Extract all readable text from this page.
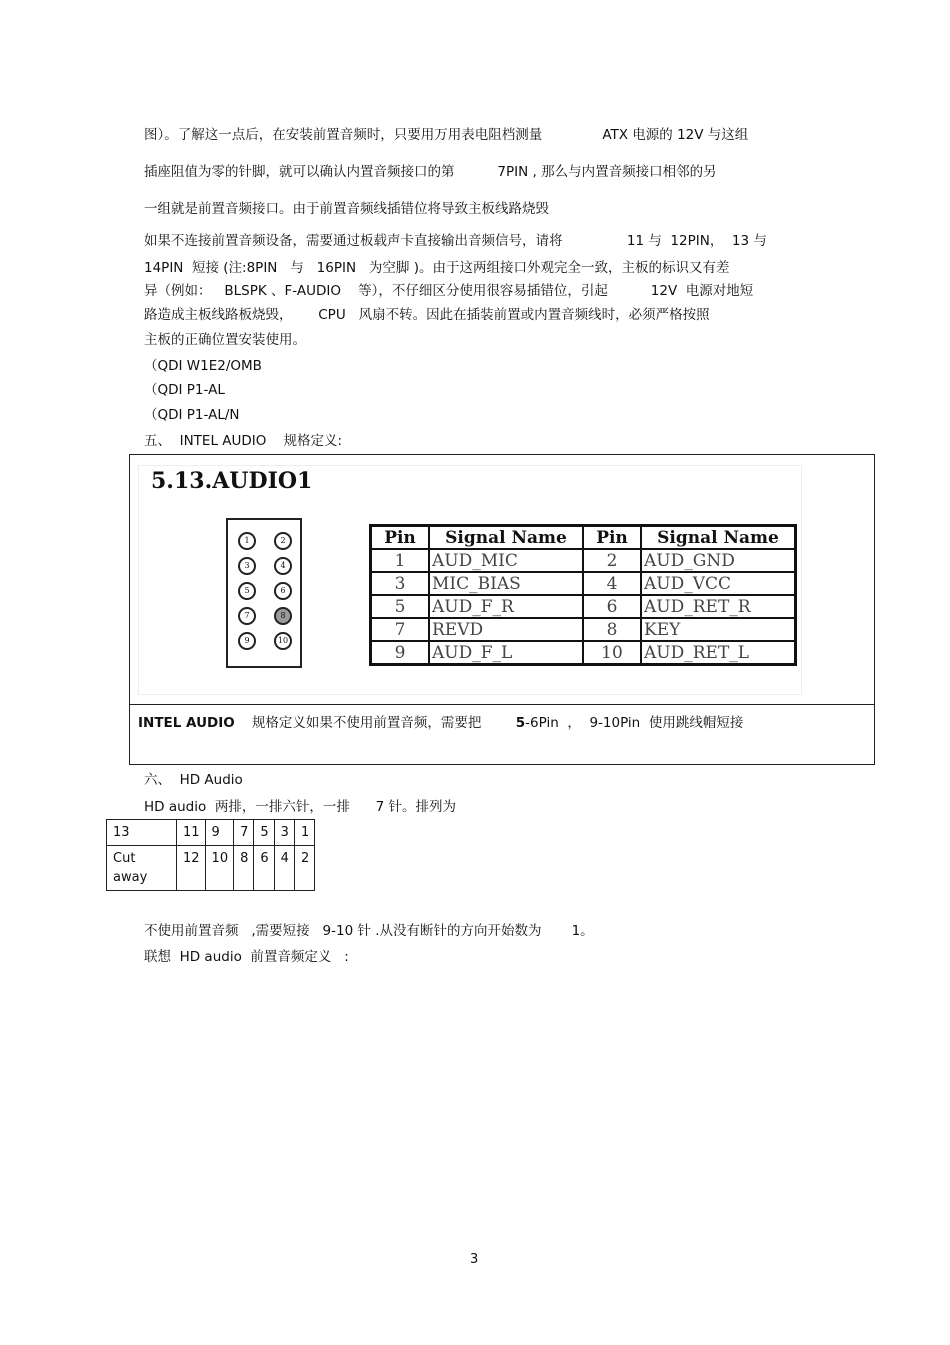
图）。了解这一点后，在安装前置音频时，只要用万用表电阻档测量              ATX 电源的 12V 与这组
插座阻值为零的针脚，就可以确认内置音频接口的第          7PIN , 那么与内置音频接口相邻的另
一组就是前置音频接口。由于前置音频线插错位将导致主板线路烧毁
如果不连接前置音频设备，需要通过板载声卡直接输出音频信号，请将               11 与  12PIN，  13 与
14PIN  短接 (注:8PIN   与   16PIN   为空脚 )。由于这两组接口外观完全一致，主板的标识又有差
异（例如：   BLSPK 、F-AUDIO    等），不仔细区分使用很容易插错位，引起          12V  电源对地短
路造成主板线路板烧毁，      CPU   风扇不转。因此在插装前置或内置音频线时，必须严格按照
主板的正确位置安装使用。
（QDI W1E2/OMB
（QDI P1-AL
（QDI P1-AL/N
五、  INTEL AUDIO    规格定义:
5.13.AUDIO1
1	2
3	4
5	6
7	8
9	10
Pin	Signal Name	Pin	Signal Name
1	AUD_MIC	2	AUD_GND
3	MIC_BIAS	4	AUD_VCC
5	AUD_F_R	6	AUD_RET_R
7	REVD	8	KEY
9	AUD_F_L	10	AUD_RET_L
INTEL AUDIO    规格定义如果不使用前置音频，需要把        5-6Pin  ，  9-10Pin  使用跳线帽短接
六、  HD Audio
HD audio  两排，一排六针，一排      7 针。排列为
13	11	9	7	5	3	1
Cut away	12	10	8	6	4	2
不使用前置音频   ,需要短接   9-10 针 .从没有断针的方向开始数为       1。
联想  HD audio  前置音频定义   :
3
